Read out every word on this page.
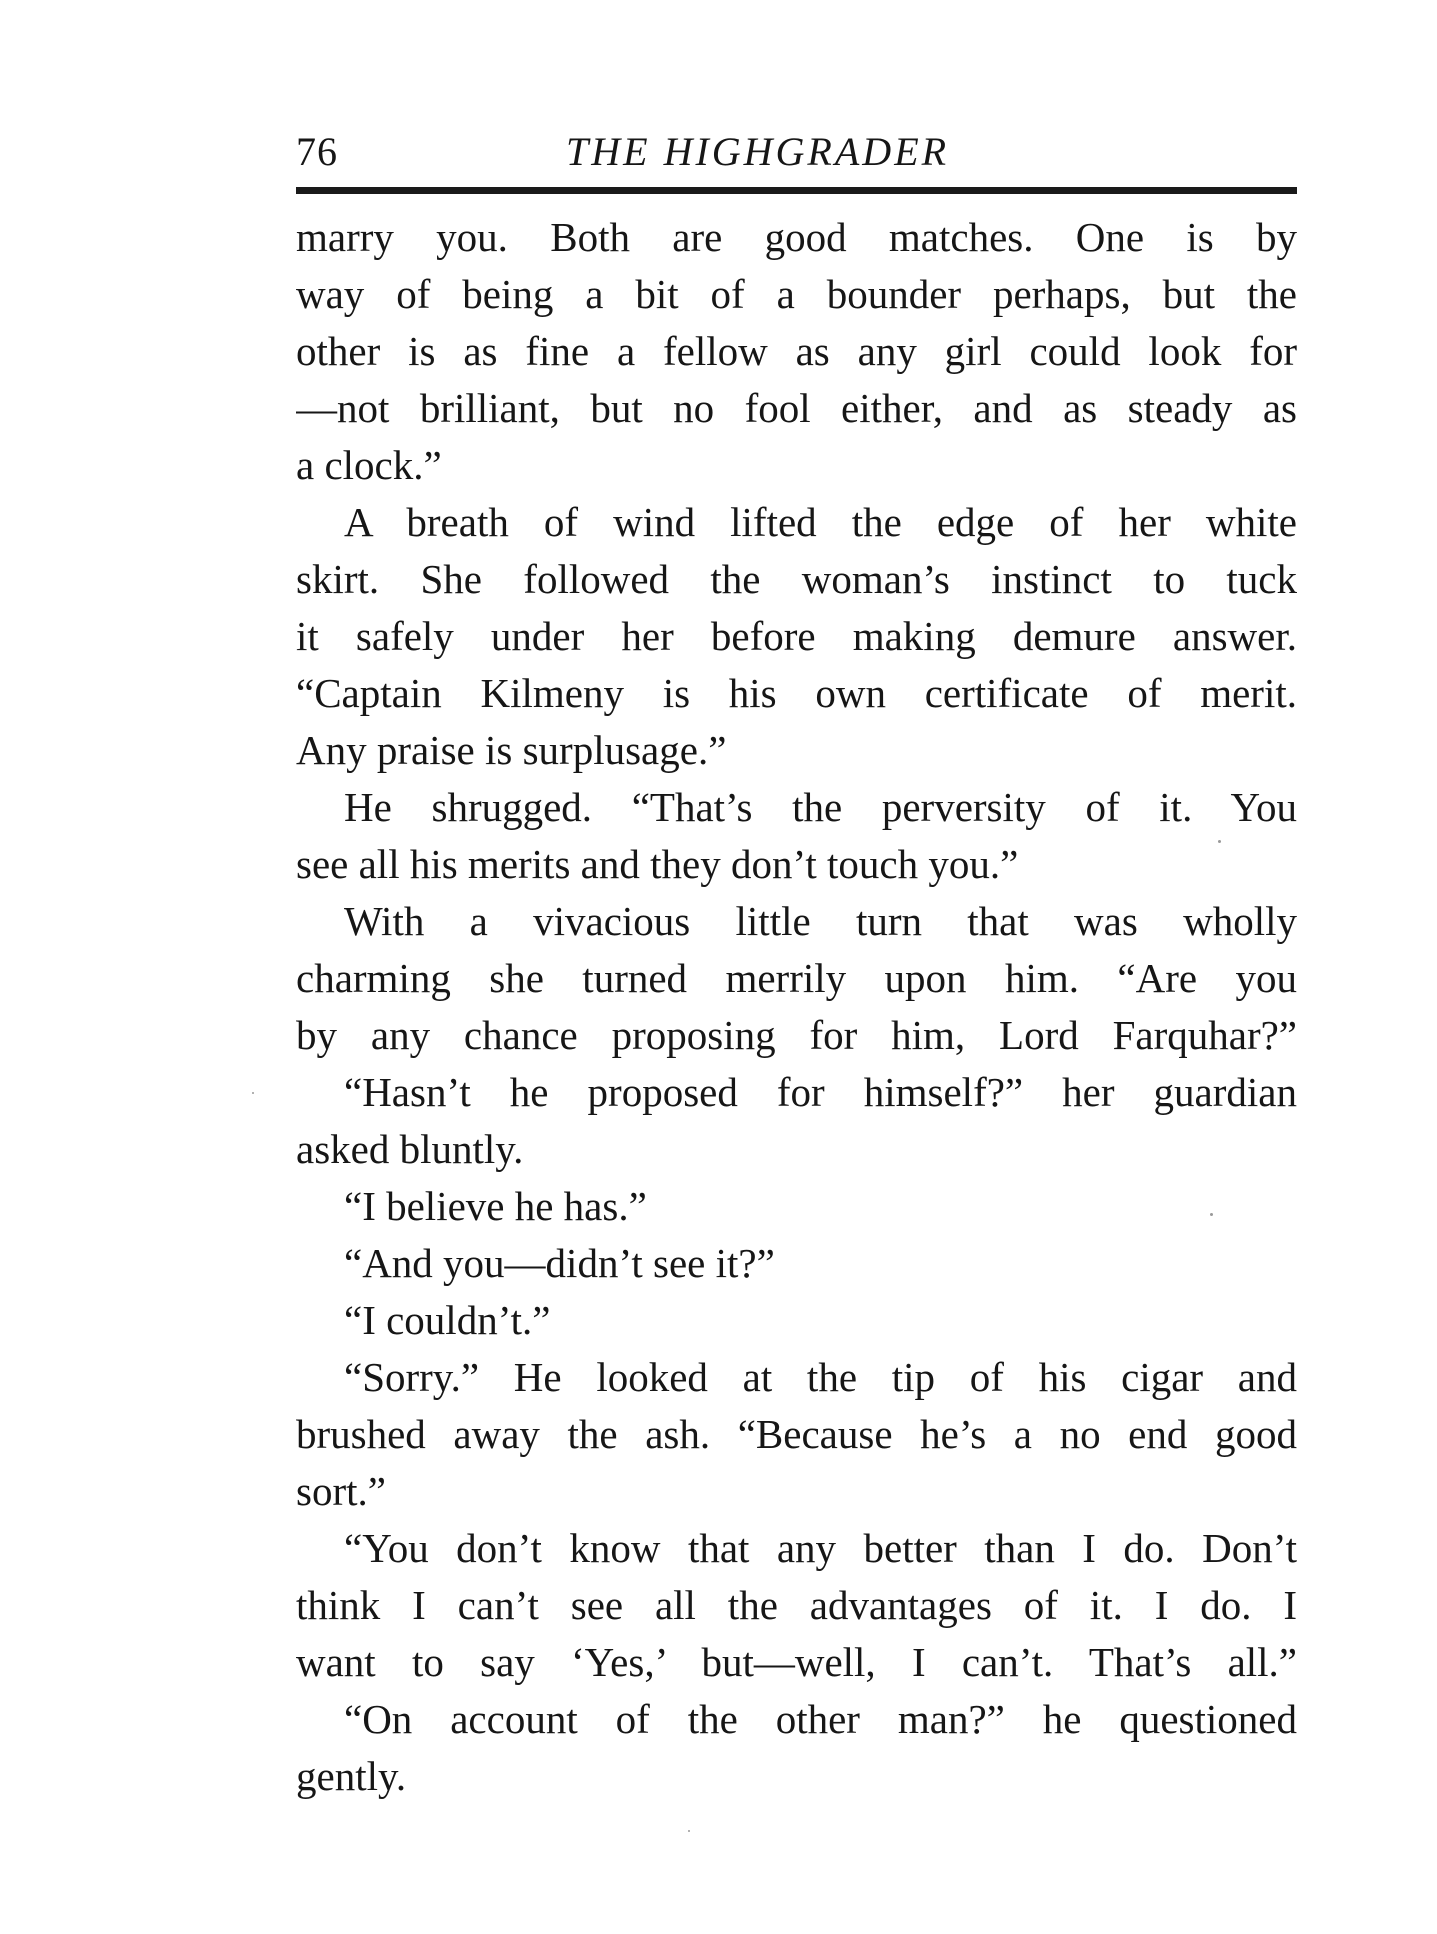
76	THE HIGHGRADER
marry you. Both are good matches. One is by
way of being a bit of a bounder perhaps, but the
other is as fine a fellow as any girl could look for
—not brilliant, but no fool either, and as steady as
a clock.”
A breath of wind lifted the edge of her white
skirt. She followed the woman’s instinct to tuck
it safely under her before making demure answer.
“Captain Kilmeny is his own certificate of merit.
Any praise is surplusage.”
He shrugged. “That’s the perversity of it. You
see all his merits and they don’t touch you.”
With a vivacious little turn that was wholly
charming she turned merrily upon him. “Are you
by any chance proposing for him, Lord Farquhar?”
“Hasn’t he proposed for himself?” her guardian
asked bluntly.
“I believe he has.”
“And you—didn’t see it?”
“I couldn’t.”
“Sorry.” He looked at the tip of his cigar and
brushed away the ash. “Because he’s a no end good
sort.”
“You don’t know that any better than I do. Don’t
think I can’t see all the advantages of it. I do. I
want to say ‘Yes,’ but—well, I can’t. That’s all.”
“On account of the other man?” he questioned
gently.
